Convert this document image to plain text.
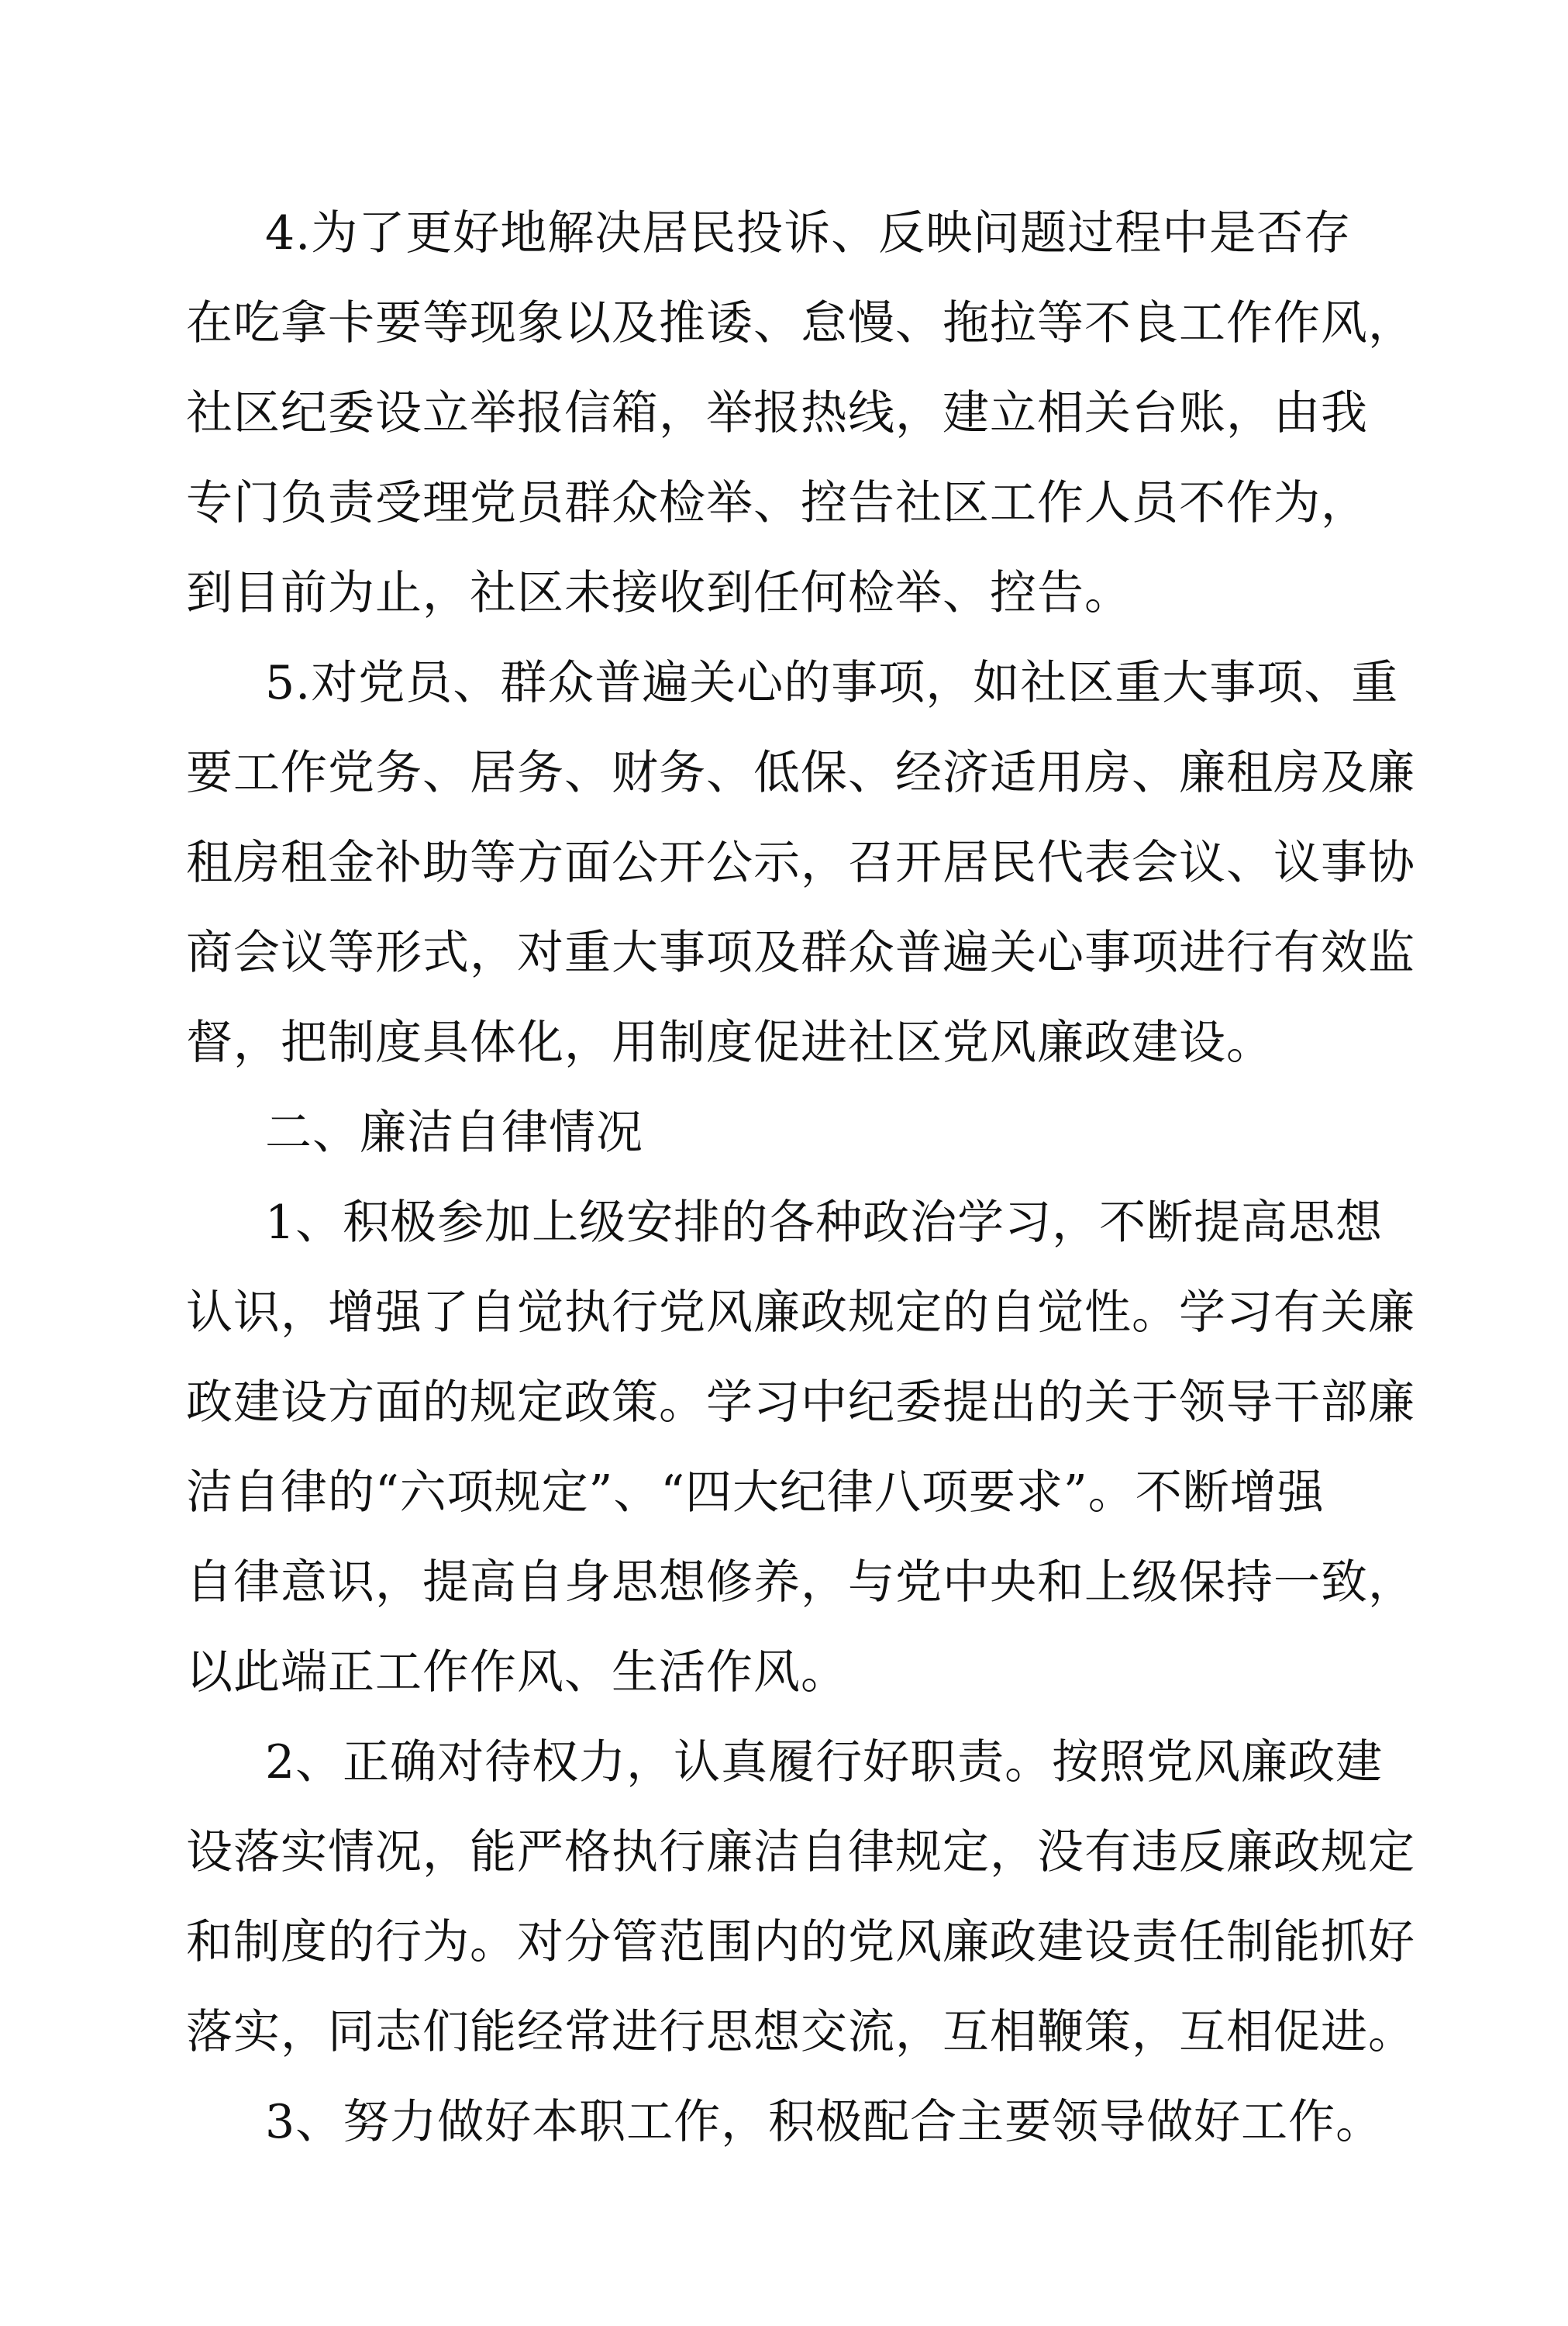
4.为了更好地解决居民投诉、反映问题过程中是否存
在吃拿卡要等现象以及推诿、怠慢、拖拉等不良工作作风，
社区纪委设立举报信箱，举报热线，建立相关台账，由我
专门负责受理党员群众检举、控告社区工作人员不作为，
到目前为止，社区未接收到任何检举、控告。
5.对党员、群众普遍关心的事项，如社区重大事项、重
要工作党务、居务、财务、低保、经济适用房、廉租房及廉
租房租金补助等方面公开公示，召开居民代表会议、议事协
商会议等形式，对重大事项及群众普遍关心事项进行有效监
督，把制度具体化，用制度促进社区党风廉政建设。
二、廉洁自律情况
1、积极参加上级安排的各种政治学习，不断提高思想
认识，增强了自觉执行党风廉政规定的自觉性。学习有关廉
政建设方面的规定政策。学习中纪委提出的关于领导干部廉
洁自律的“六项规定”、“四大纪律八项要求”。不断增强
自律意识，提高自身思想修养，与党中央和上级保持一致，
以此端正工作作风、生活作风。
2、正确对待权力，认真履行好职责。按照党风廉政建
设落实情况，能严格执行廉洁自律规定，没有违反廉政规定
和制度的行为。对分管范围内的党风廉政建设责任制能抓好
落实，同志们能经常进行思想交流，互相鞭策，互相促进。
3、努力做好本职工作，积极配合主要领导做好工作。
